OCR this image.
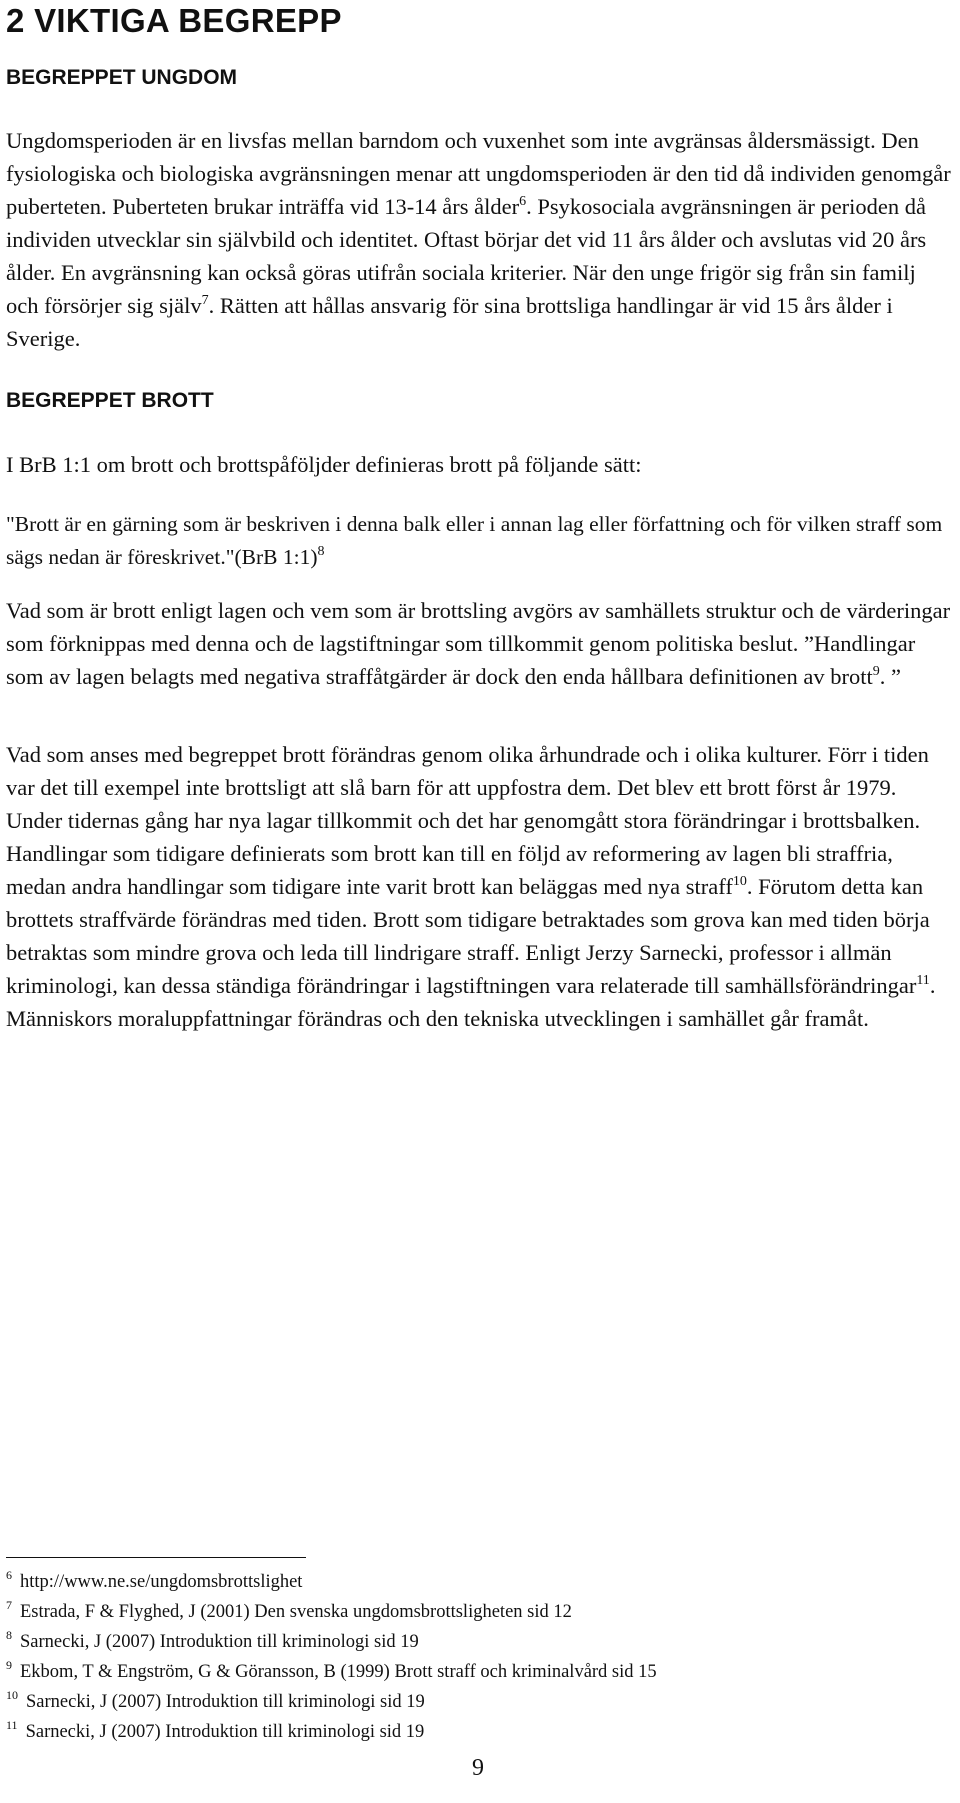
2 VIKTIGA BEGREPP
BEGREPPET UNGDOM

Ungdomsperioden är en livsfas mellan barndom och vuxenhet som inte avgränsas åldersmässigt. Den fysiologiska och biologiska avgränsningen menar att ungdomsperioden är den tid då individen genomgår puberteten. Puberteten brukar inträffa vid 13-14 års ålder$^6$. Psykosociala avgränsningen är perioden då individen utvecklar sin självbild och identitet. Oftast börjar det vid 11 års ålder och avslutas vid 20 års ålder. En avgränsning kan också göras utifrån sociala kriterier. När den unge frigör sig från sin familj och försörjer sig själv$^7$. Rätten att hållas ansvarig för sina brottsliga handlingar är vid 15 års ålder i Sverige.

BEGREPPET BROTT

I BrB 1:1 om brott och brottspåföljder definieras brott på följande sätt:

"Brott är en gärning som är beskriven i denna balk eller i annan lag eller författning och för vilken straff som sägs nedan är föreskrivet."(BrB 1:1)$^8$

Vad som är brott enligt lagen och vem som är brottsling avgörs av samhällets struktur och de värderingar som förknippas med denna och de lagstiftningar som tillkommit genom politiska beslut. ”Handlingar som av lagen belagts med negativa straffåtgärder är dock den enda hållbara definitionen av brott$^9$. ”

Vad som anses med begreppet brott förändras genom olika århundrade och i olika kulturer. Förr i tiden var det till exempel inte brottsligt att slå barn för att uppfostra dem. Det blev ett brott först år 1979. Under tidernas gång har nya lagar tillkommit och det har genomgått stora förändringar i brottsbalken. Handlingar som tidigare definierats som brott kan till en följd av reformering av lagen bli straffria, medan andra handlingar som tidigare inte varit brott kan beläggas med nya straff$^{10}$. Förutom detta kan brottets straffvärde förändras med tiden. Brott som tidigare betraktades som grova kan med tiden börja betraktas som mindre grova och leda till lindrigare straff. Enligt Jerzy Sarnecki, professor i allmän kriminologi, kan dessa ständiga förändringar i lagstiftningen vara relaterade till samhällsförändringar$^{11}$. Människors moraluppfattningar förändras och den tekniska utvecklingen i samhället går framåt.

$^6$ http://www.ne.se/ungdomsbrottslighet
$^7$ Estrada, F & Flyghed, J (2001) Den svenska ungdomsbrottsligheten sid 12
$^8$ Sarnecki, J (2007) Introduktion till kriminologi sid 19
$^9$ Ekbom, T & Engström, G & Göransson, B (1999) Brott straff och kriminalvård sid 15
$^{10}$ Sarnecki, J (2007) Introduktion till kriminologi sid 19
$^{11}$ Sarnecki, J (2007) Introduktion till kriminologi sid 19
9
